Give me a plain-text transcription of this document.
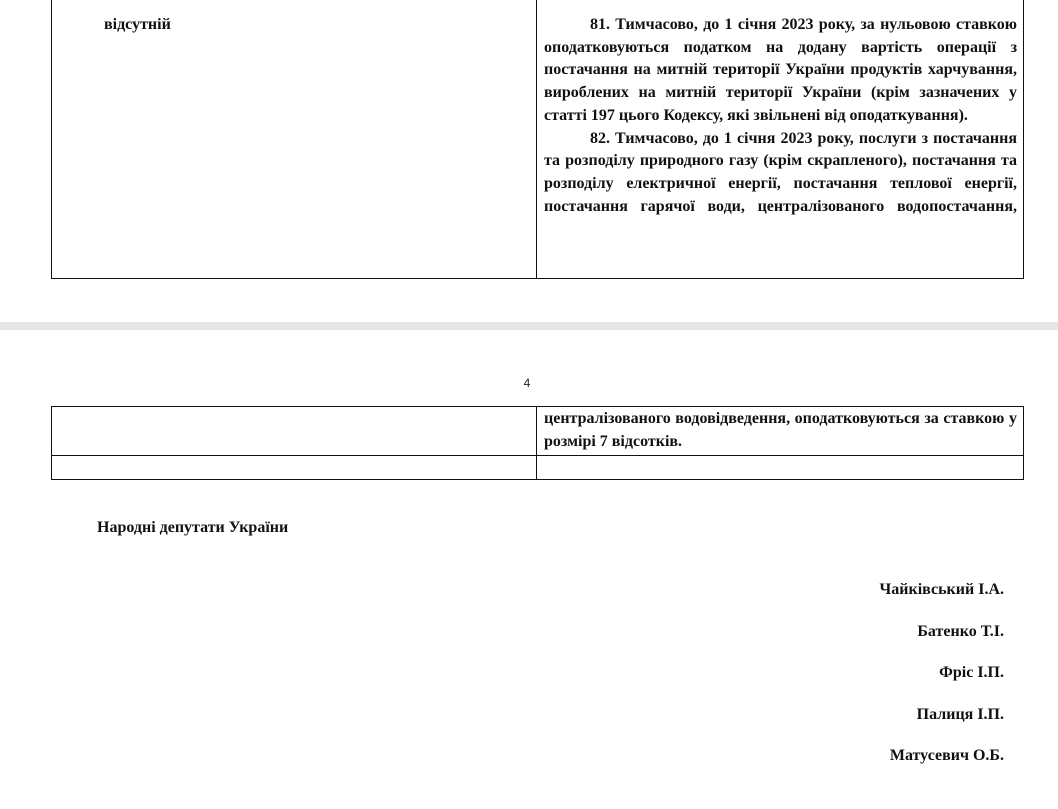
відсутній	81. Тимчасово, до 1 січня 2023 року, за нульовою ставкою оподатковуються податком на додану вартість операції з постачання на митній території України продуктів харчування, вироблених на митній території України (крім зазначених у статті 197 цього Кодексу, які звільнені від оподаткування).

82. Тимчасово, до 1 січня 2023 року, послуги з постачання та розподілу природного газу (крім скрапленого), постачання та розподілу електричної енергії, постачання теплової енергії, постачання гарячої води, централізованого водопостачання,

4

	централізованого водовідведення, оподатковуються за ставкою у розмірі 7 відсотків.

Народні депутати України
Чайківський І.А.
Батенко Т.І.
Фріс І.П.
Палиця І.П.
Матусевич О.Б.
